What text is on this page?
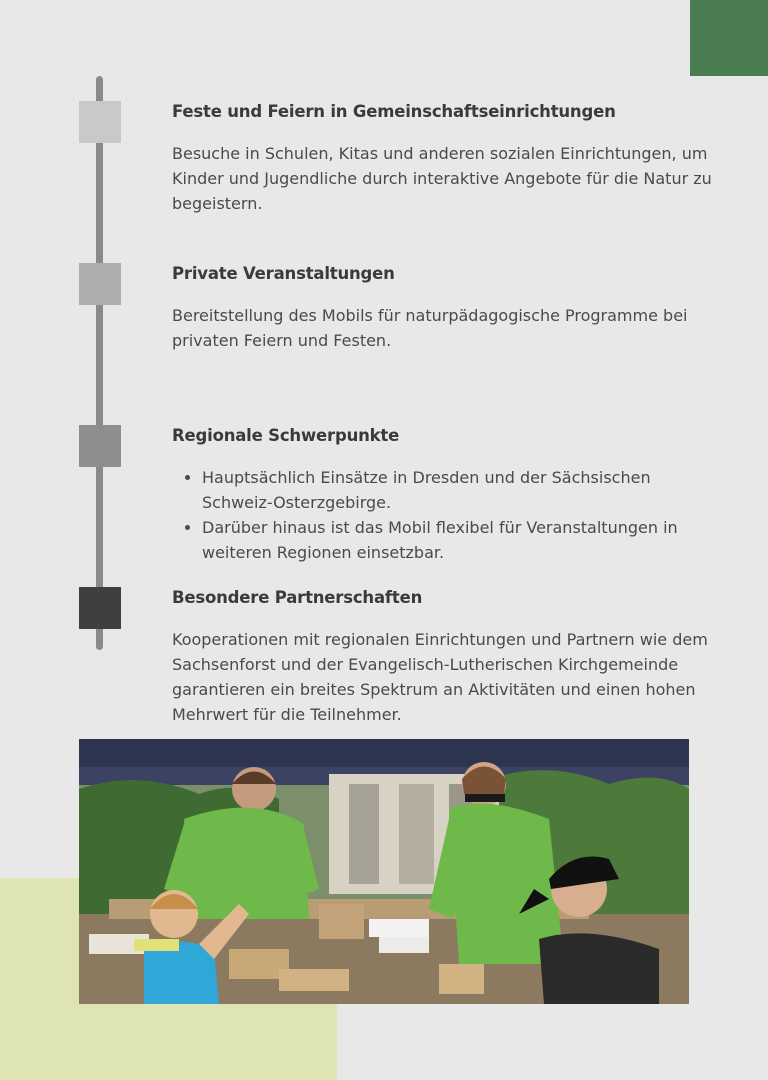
Feste und Feiern in Gemeinschaftseinrichtungen

Besuche in Schulen, Kitas und anderen sozialen Einrichtungen, um Kinder und Jugendliche durch interaktive Angebote für die Natur zu begeistern.

Private Veranstaltungen

Bereitstellung des Mobils für naturpädagogische Programme bei privaten Feiern und Festen.

Regionale Schwerpunkte
• Hauptsächlich Einsätze in Dresden und der Sächsischen Schweiz-Osterzgebirge.
• Darüber hinaus ist das Mobil flexibel für Veranstaltungen in weiteren Regionen einsetzbar.
Besondere Partnerschaften

Kooperationen mit regionalen Einrichtungen und Partnern wie dem Sachsenforst und der Evangelisch-Lutherischen Kirchgemeinde garantieren ein breites Spektrum an Aktivitäten und einen hohen Mehrwert für die Teilnehmer.
